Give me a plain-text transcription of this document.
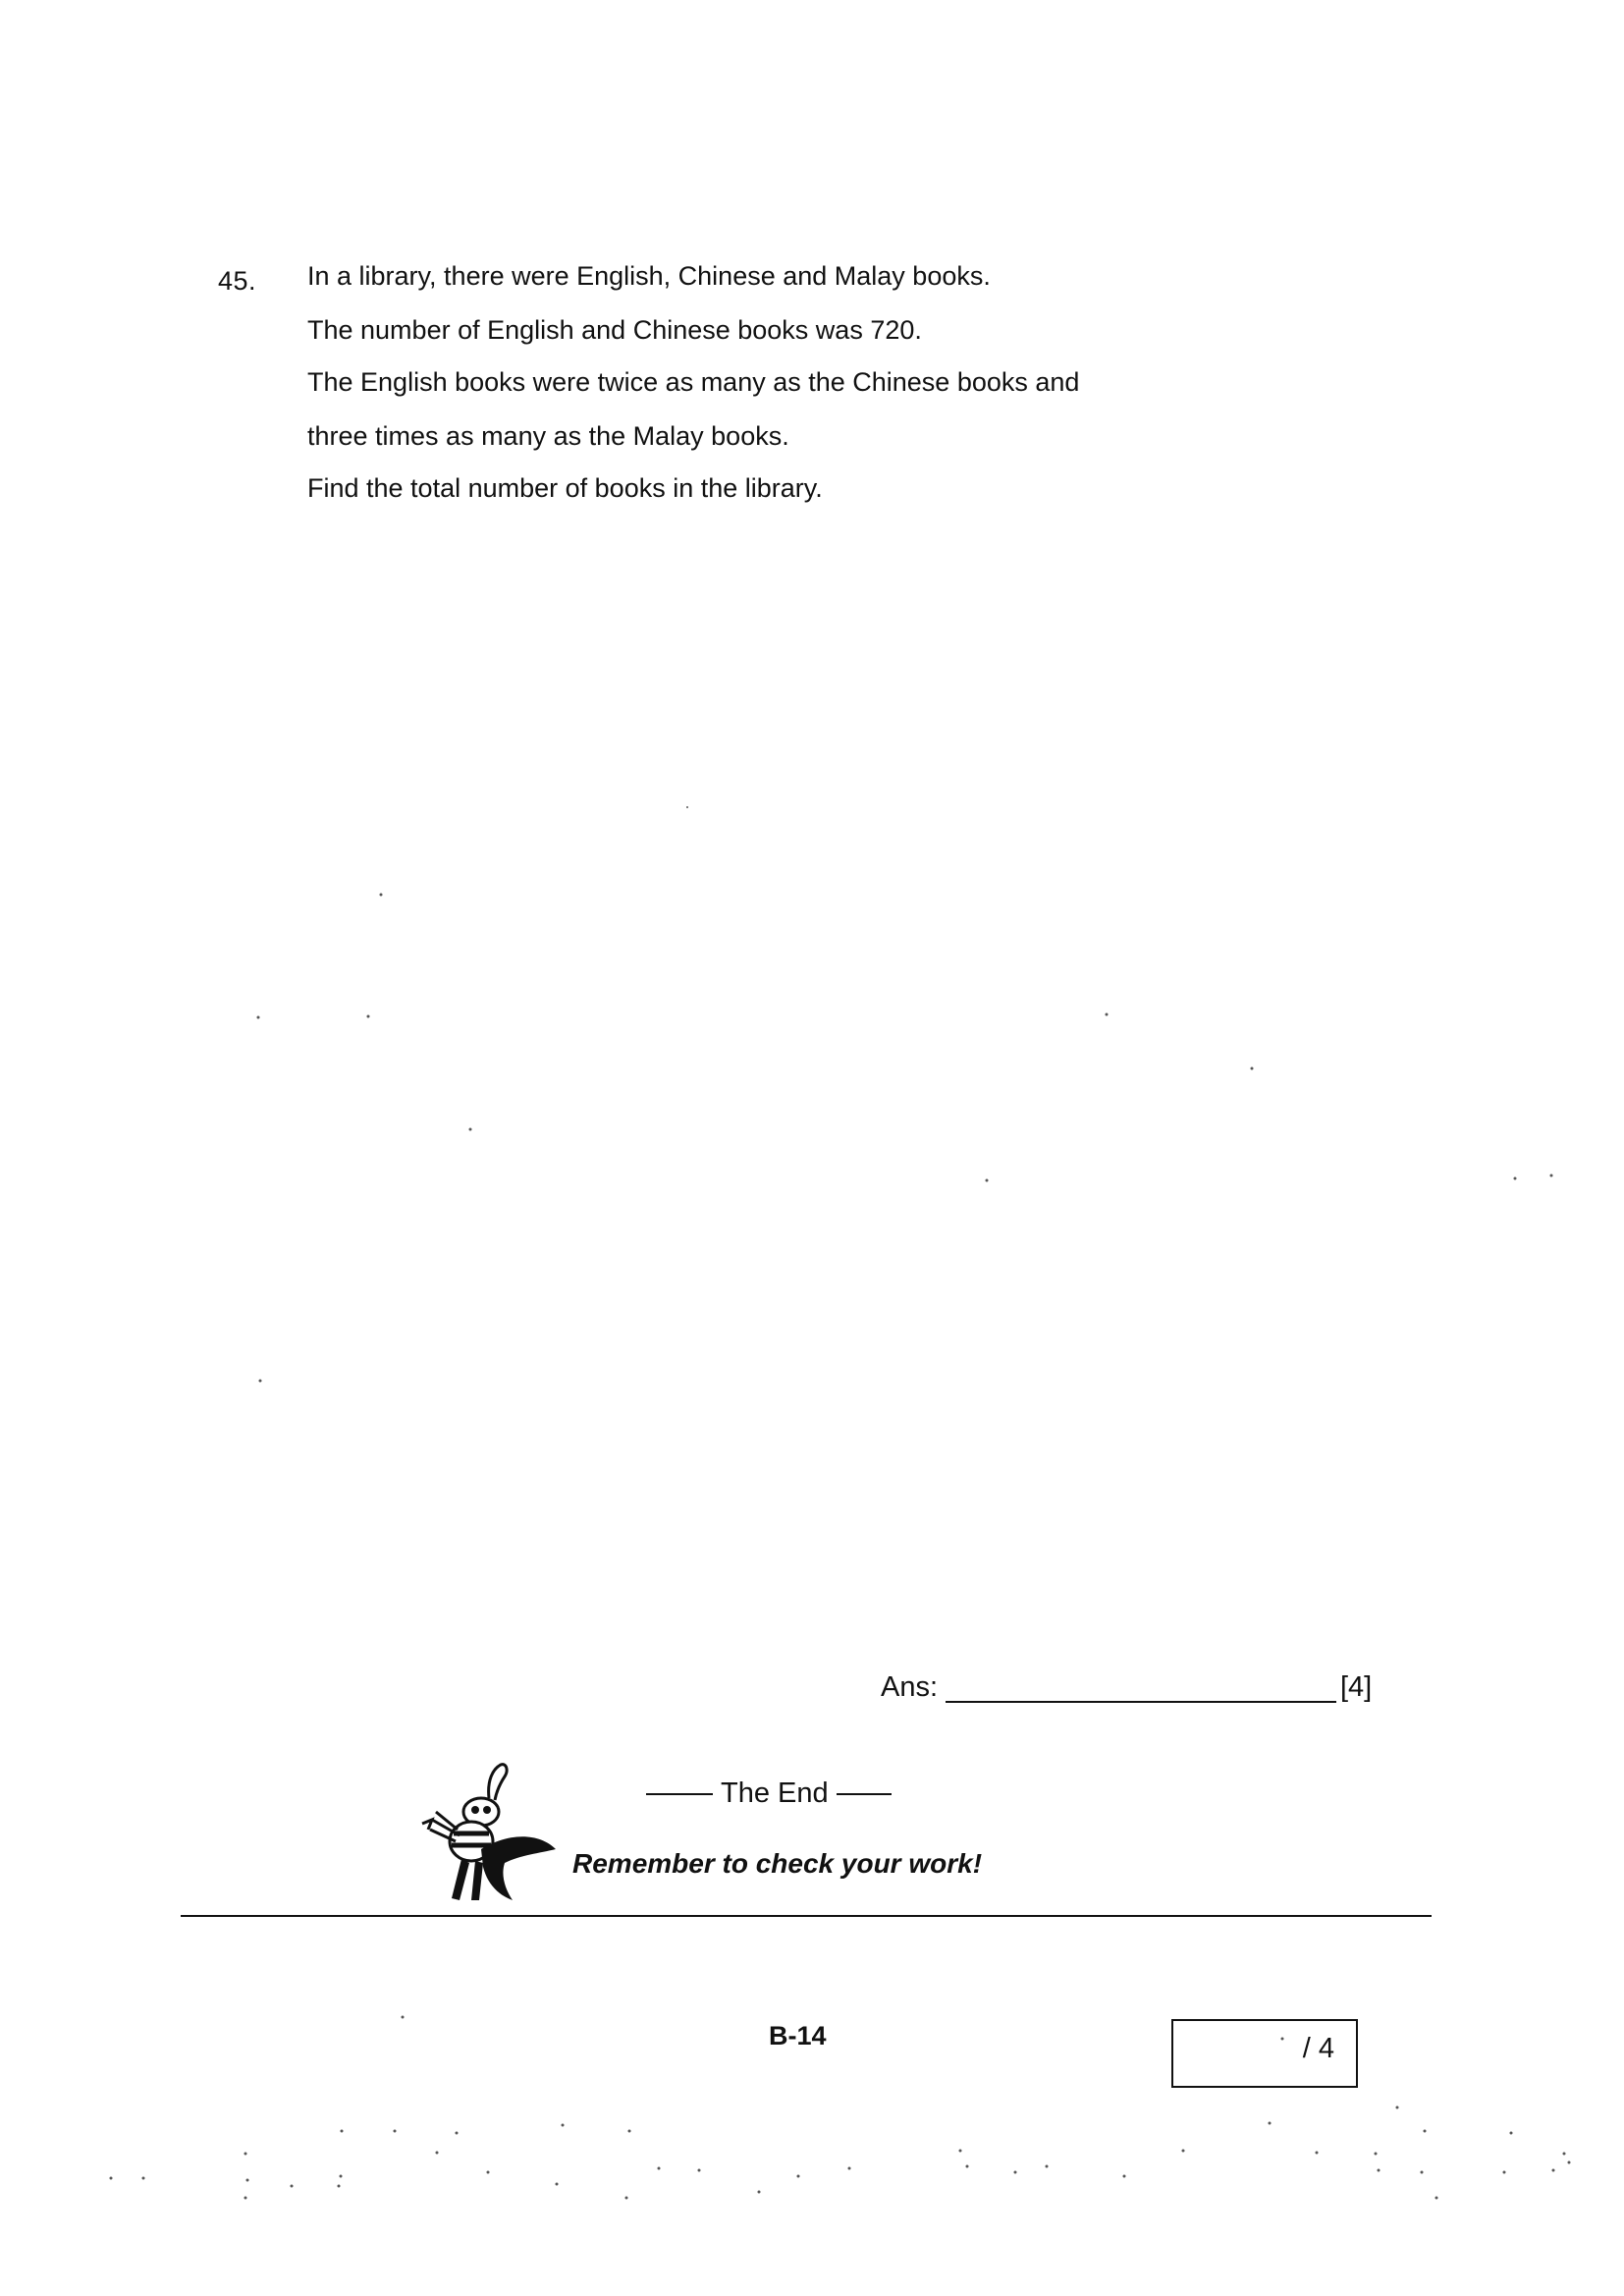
45. In a library, there were English, Chinese and Malay books.
The number of English and Chinese books was 720.
The English books were twice as many as the Chinese books and
three times as many as the Malay books.
Find the total number of books in the library.
Ans:	[4]
The End
Remember to check your work!
B-14	/ 4
